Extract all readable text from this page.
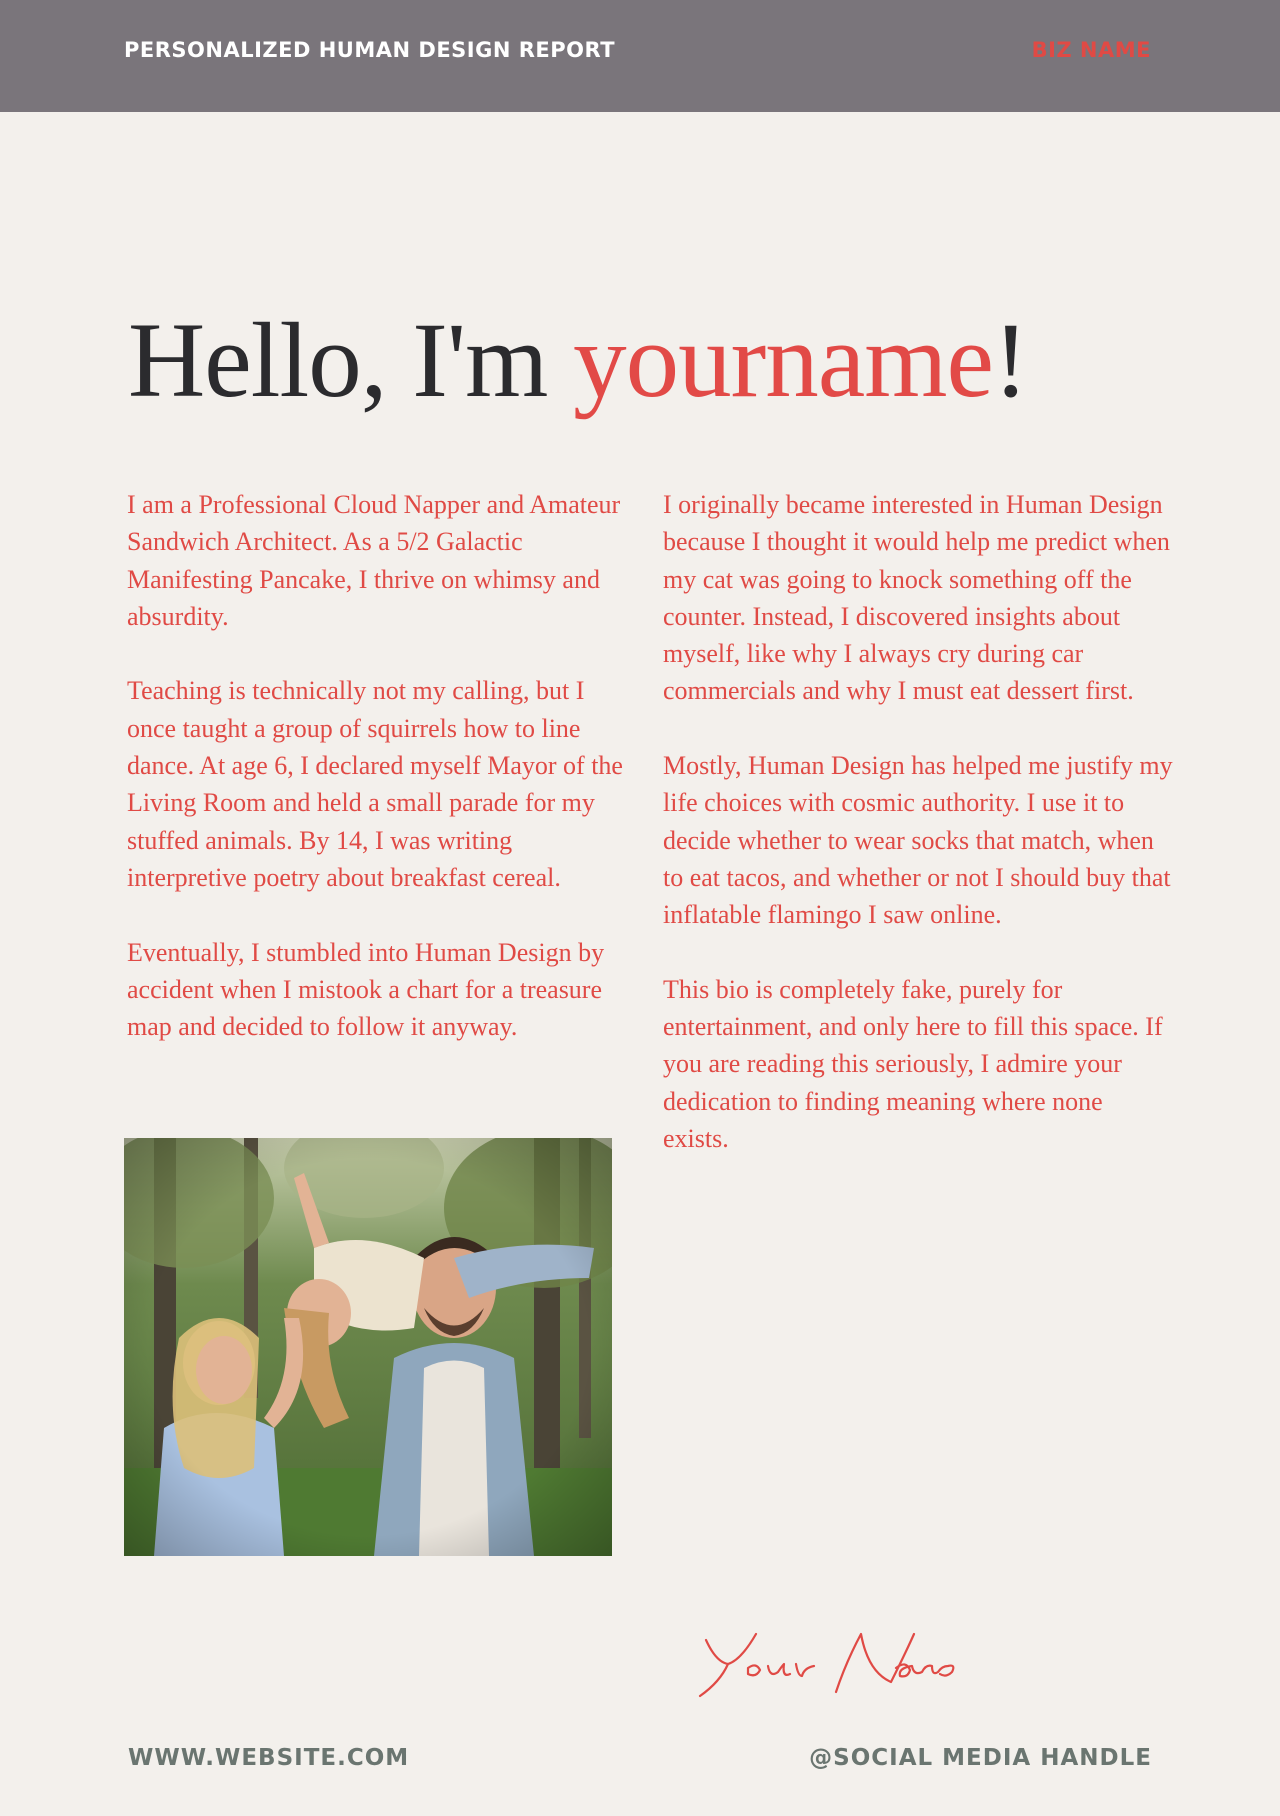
PERSONALIZED HUMAN DESIGN REPORT	BIZ NAME
Hello, I'm yourname!

I am a Professional Cloud Napper and Amateur Sandwich Architect. As a 5/2 Galactic Manifesting Pancake, I thrive on whimsy and absurdity.

Teaching is technically not my calling, but I once taught a group of squirrels how to line dance. At age 6, I declared myself Mayor of the Living Room and held a small parade for my stuffed animals. By 14, I was writing interpretive poetry about breakfast cereal.

Eventually, I stumbled into Human Design by accident when I mistook a chart for a treasure map and decided to follow it anyway.

I originally became interested in Human Design because I thought it would help me predict when my cat was going to knock something off the counter. Instead, I discovered insights about myself, like why I always cry during car commercials and why I must eat dessert first.

Mostly, Human Design has helped me justify my life choices with cosmic authority. I use it to decide whether to wear socks that match, when to eat tacos, and whether or not I should buy that inflatable flamingo I saw online.

This bio is completely fake, purely for entertainment, and only here to fill this space. If you are reading this seriously, I admire your dedication to finding meaning where none exists.

WWW.WEBSITE.COM	@SOCIAL MEDIA HANDLE
